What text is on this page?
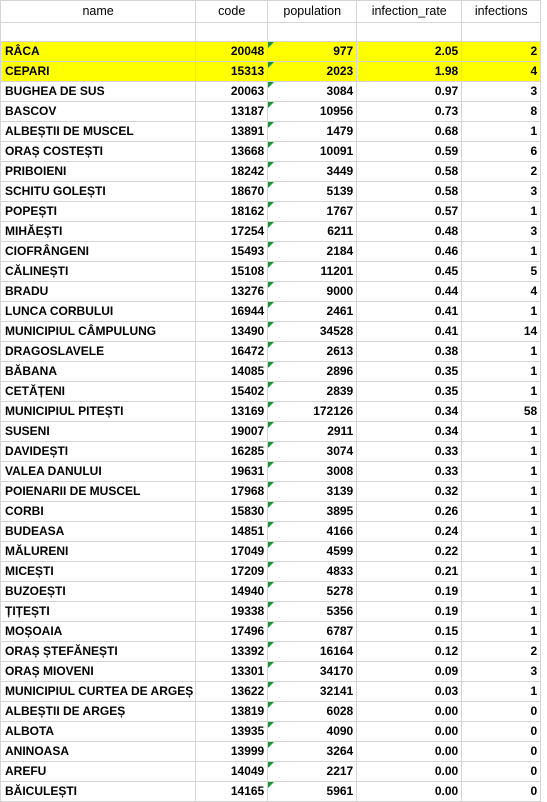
name	code	population	infection_rate	infections

RÂCA	20048	977	2.05	2
CEPARI	15313	2023	1.98	4
BUGHEA DE SUS	20063	3084	0.97	3
BASCOV	13187	10956	0.73	8
ALBEȘTII DE MUSCEL	13891	1479	0.68	1
ORAȘ COSTEȘTI	13668	10091	0.59	6
PRIBOIENI	18242	3449	0.58	2
SCHITU GOLEȘTI	18670	5139	0.58	3
POPEȘTI	18162	1767	0.57	1
MIHĂEȘTI	17254	6211	0.48	3
CIOFRÂNGENI	15493	2184	0.46	1
CĂLINEȘTI	15108	11201	0.45	5
BRADU	13276	9000	0.44	4
LUNCA CORBULUI	16944	2461	0.41	1
MUNICIPIUL CÂMPULUNG	13490	34528	0.41	14
DRAGOSLAVELE	16472	2613	0.38	1
BĂBANA	14085	2896	0.35	1
CETĂȚENI	15402	2839	0.35	1
MUNICIPIUL PITEȘTI	13169	172126	0.34	58
SUSENI	19007	2911	0.34	1
DAVIDEȘTI	16285	3074	0.33	1
VALEA DANULUI	19631	3008	0.33	1
POIENARII DE MUSCEL	17968	3139	0.32	1
CORBI	15830	3895	0.26	1
BUDEASA	14851	4166	0.24	1
MĂLURENI	17049	4599	0.22	1
MICEȘTI	17209	4833	0.21	1
BUZOEȘTI	14940	5278	0.19	1
ȚIȚEȘTI	19338	5356	0.19	1
MOȘOAIA	17496	6787	0.15	1
ORAȘ ȘTEFĂNEȘTI	13392	16164	0.12	2
ORAȘ MIOVENI	13301	34170	0.09	3
MUNICIPIUL CURTEA DE ARGEȘ	13622	32141	0.03	1
ALBEȘTII DE ARGEȘ	13819	6028	0.00	0
ALBOTA	13935	4090	0.00	0
ANINOASA	13999	3264	0.00	0
AREFU	14049	2217	0.00	0
BĂICULEȘTI	14165	5961	0.00	0
